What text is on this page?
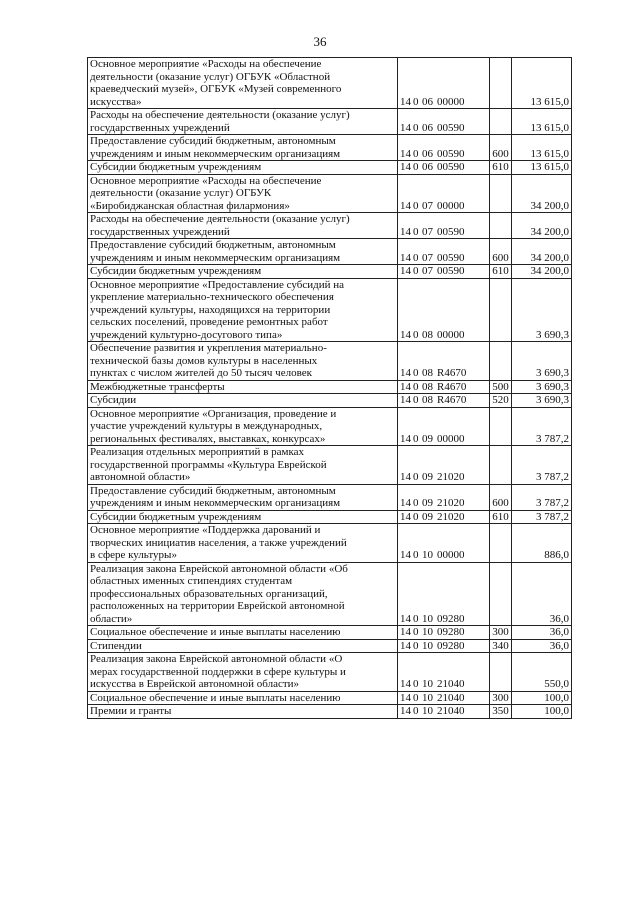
36
Основное мероприятие «Расходы на обеспечение
деятельности (оказание услуг) ОГБУК «Областной
краеведческий музей», ОГБУК «Музей современного
искусства»	14 0 06 00000		13 615,0
Расходы на обеспечение деятельности (оказание услуг)
государственных учреждений	14 0 06 00590		13 615,0
Предоставление субсидий бюджетным, автономным
учреждениям и иным некоммерческим организациям	14 0 06 00590	600	13 615,0
Субсидии бюджетным учреждениям	14 0 06 00590	610	13 615,0
Основное мероприятие «Расходы на обеспечение
деятельности (оказание услуг) ОГБУК
«Биробиджанская областная филармония»	14 0 07 00000		34 200,0
Расходы на обеспечение деятельности (оказание услуг)
государственных учреждений	14 0 07 00590		34 200,0
Предоставление субсидий бюджетным, автономным
учреждениям и иным некоммерческим организациям	14 0 07 00590	600	34 200,0
Субсидии бюджетным учреждениям	14 0 07 00590	610	34 200,0
Основное мероприятие «Предоставление субсидий на
укрепление материально-технического обеспечения
учреждений культуры, находящихся на территории
сельских поселений, проведение ремонтных работ
учреждений культурно-досугового типа»	14 0 08 00000		3 690,3
Обеспечение развития и укрепления материально-
технической базы домов культуры в населенных
пунктах с числом жителей до 50 тысяч человек	14 0 08 R4670		3 690,3
Межбюджетные трансферты	14 0 08 R4670	500	3 690,3
Субсидии	14 0 08 R4670	520	3 690,3
Основное мероприятие «Организация, проведение и
участие учреждений культуры в международных,
региональных фестивалях, выставках, конкурсах»	14 0 09 00000		3 787,2
Реализация отдельных мероприятий в рамках
государственной программы «Культура Еврейской
автономной области»	14 0 09 21020		3 787,2
Предоставление субсидий бюджетным, автономным
учреждениям и иным некоммерческим организациям	14 0 09 21020	600	3 787,2
Субсидии бюджетным учреждениям	14 0 09 21020	610	3 787,2
Основное мероприятие «Поддержка дарований и
творческих инициатив населения, а также учреждений
в сфере культуры»	14 0 10 00000		886,0
Реализация закона Еврейской автономной области «Об
областных именных стипендиях студентам
профессиональных образовательных организаций,
расположенных на территории Еврейской автономной
области»	14 0 10 09280		36,0
Социальное обеспечение и иные выплаты населению	14 0 10 09280	300	36,0
Стипендии	14 0 10 09280	340	36,0
Реализация закона Еврейской автономной области «О
мерах государственной поддержки в сфере культуры и
искусства в Еврейской автономной области»	14 0 10 21040		550,0
Социальное обеспечение и иные выплаты населению	14 0 10 21040	300	100,0
Премии и гранты	14 0 10 21040	350	100,0
